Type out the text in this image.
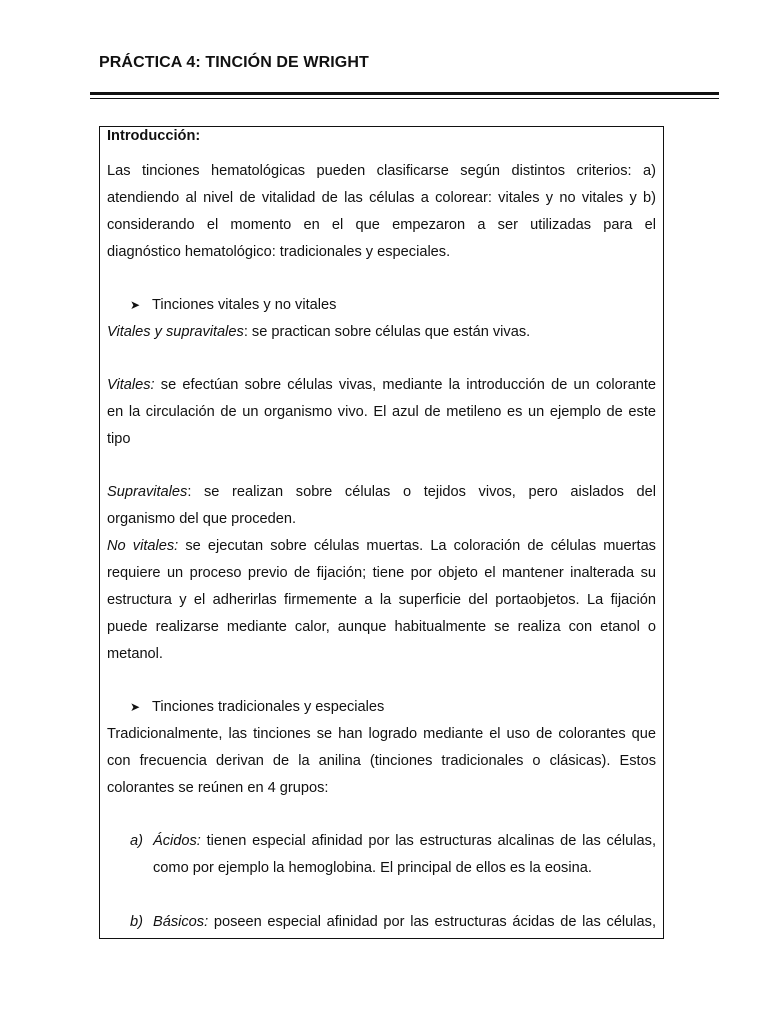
PRÁCTICA 4: TINCIÓN DE WRIGHT
Introducción:
Las tinciones hematológicas pueden clasificarse según distintos criterios: a)
atendiendo al nivel de vitalidad de las células a colorear: vitales y no vitales y b)
considerando el momento en el que empezaron a ser utilizadas para el
diagnóstico hematológico: tradicionales y especiales.
➤ Tinciones vitales y no vitales
Vitales y supravitales: se practican sobre células que están vivas.
Vitales: se efectúan sobre células vivas, mediante la introducción de un colorante
en la circulación de un organismo vivo. El azul de metileno es un ejemplo de este
tipo
Supravitales: se realizan sobre células o tejidos vivos, pero aislados del
organismo del que proceden.
No vitales: se ejecutan sobre células muertas. La coloración de células muertas
requiere un proceso previo de fijación; tiene por objeto el mantener inalterada su
estructura y el adherirlas firmemente a la superficie del portaobjetos. La fijación
puede realizarse mediante calor, aunque habitualmente se realiza con etanol o
metanol.
➤ Tinciones tradicionales y especiales
Tradicionalmente, las tinciones se han logrado mediante el uso de colorantes que
con frecuencia derivan de la anilina (tinciones tradicionales o clásicas). Estos
colorantes se reúnen en 4 grupos:
a) Ácidos: tienen especial afinidad por las estructuras alcalinas de las células,
como por ejemplo la hemoglobina. El principal de ellos es la eosina.
b) Básicos: poseen especial afinidad por las estructuras ácidas de las células,
